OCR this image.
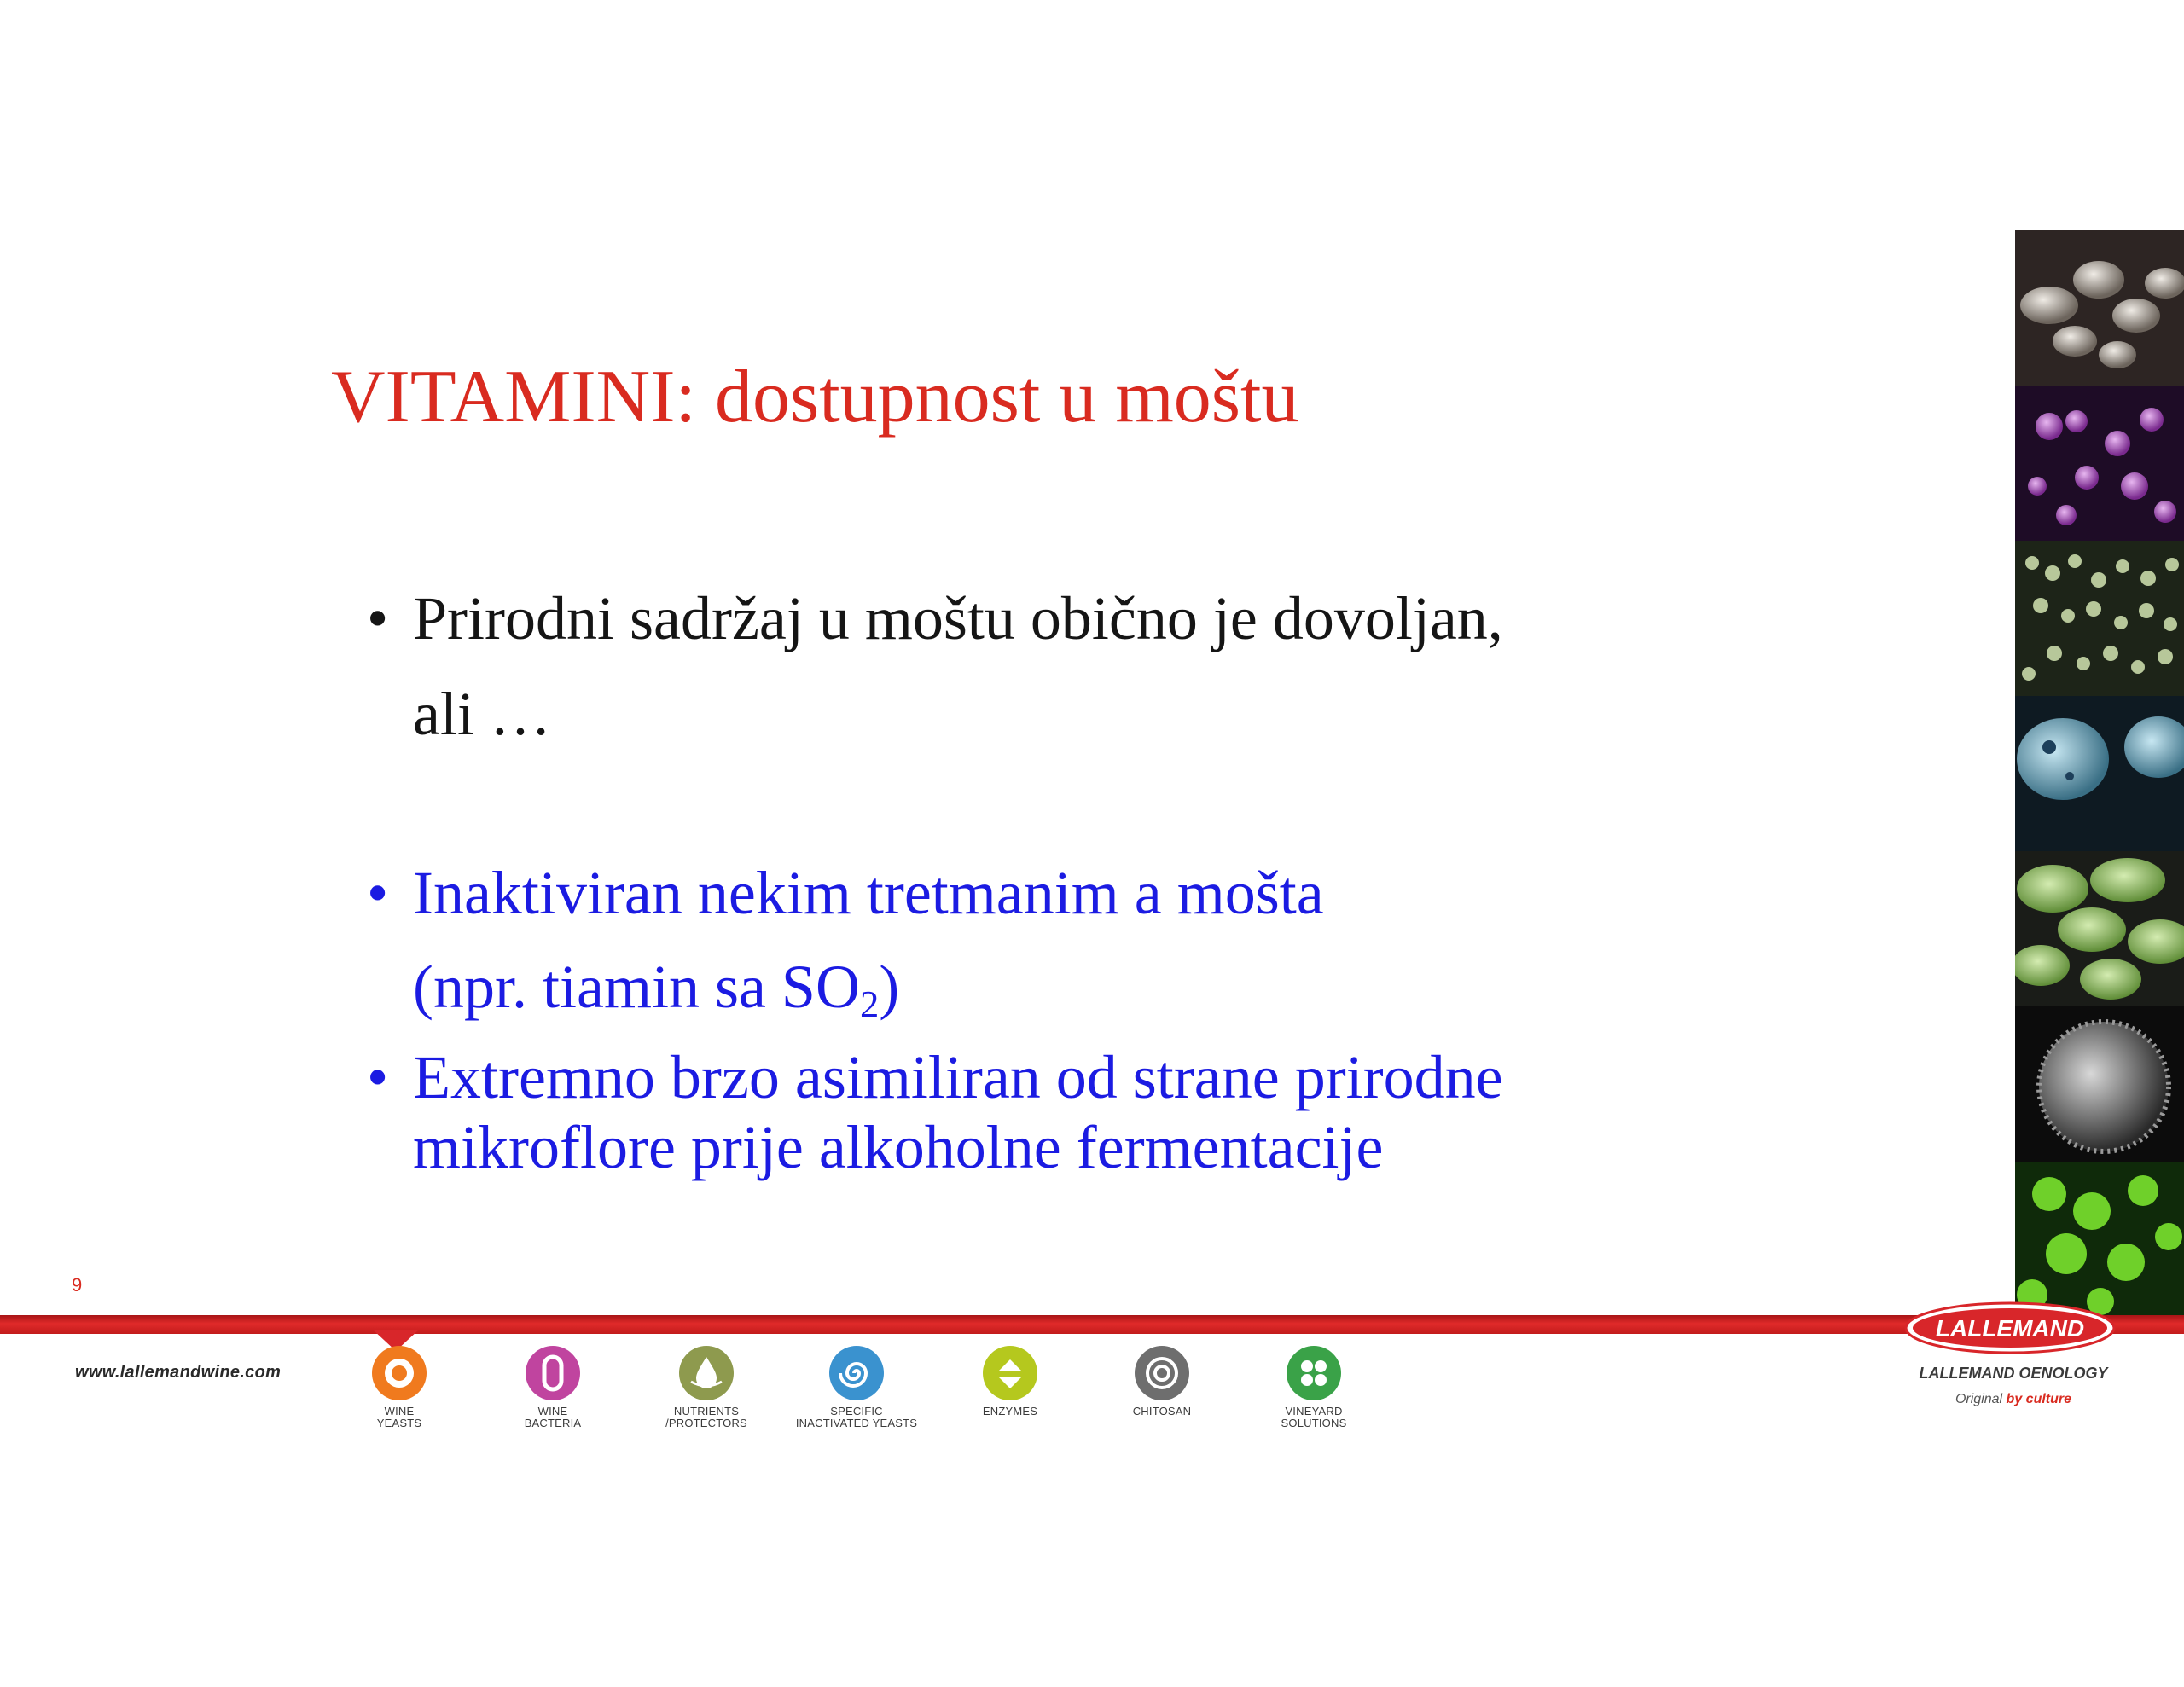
VITAMINI: dostupnost u moštu
• Prirodni sadržaj u moštu obično je dovoljan,
ali …
• Inaktiviran nekim tretmanim a mošta
(npr. tiamin sa $SO_2$)
• Extremno brzo asimiliran od strane prirodne
mikroflore prije alkoholne fermentacije
9
www.lallemandwine.com
WINE
YEASTS
WINE
BACTERIA
NUTRIENTS
/PROTECTORS
SPECIFIC
INACTIVATED YEASTS
ENZYMES	CHITOSAN	VINEYARD
SOLUTIONS
LALLEMAND
LALLEMAND OENOLOGY
Original by culture
